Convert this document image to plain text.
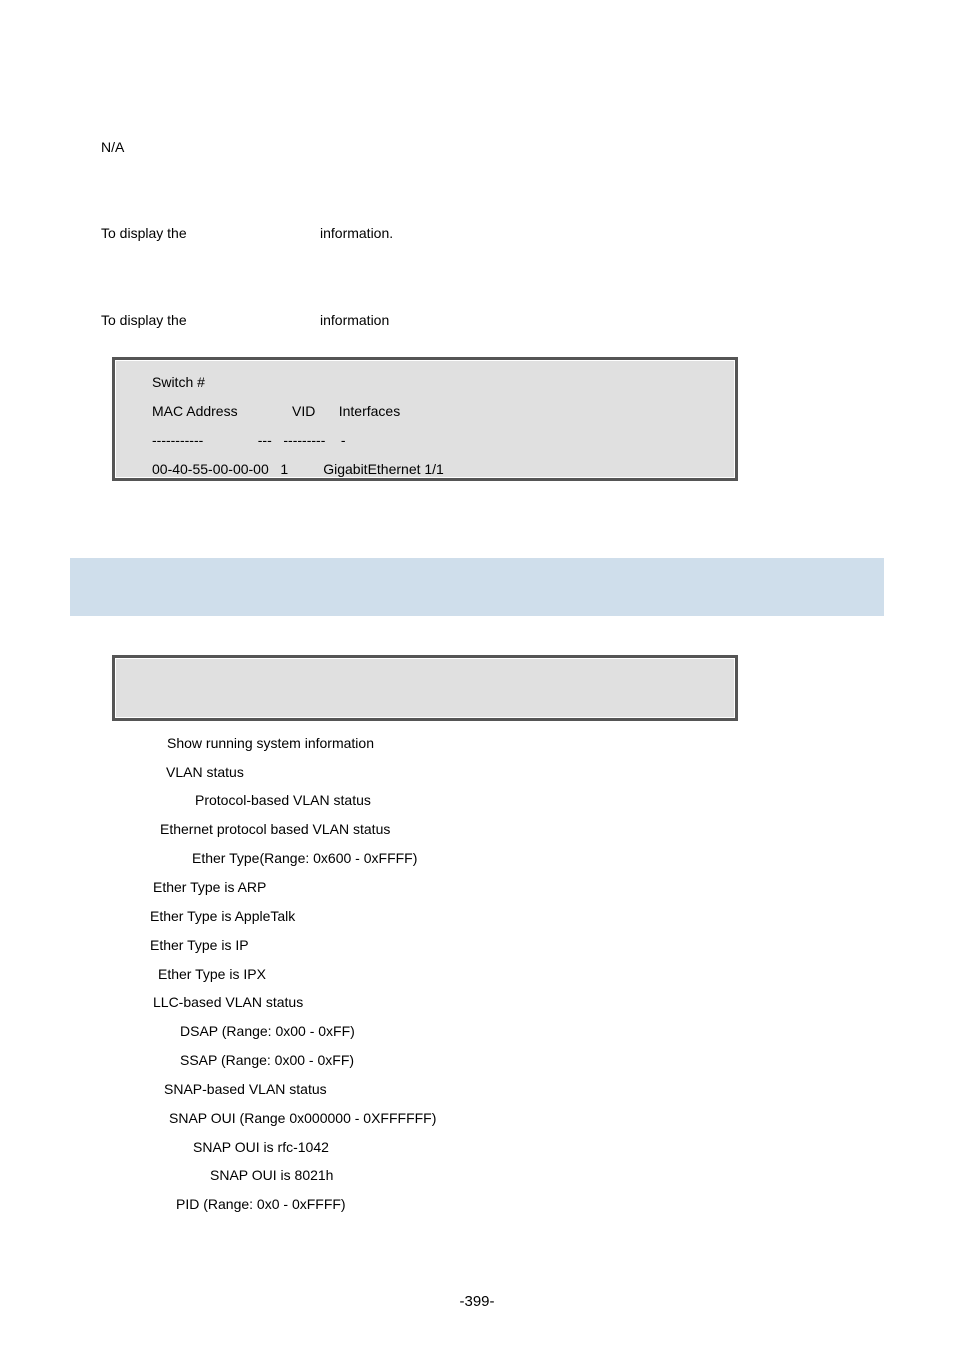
N/A
To display the	information.
To display the	information
Switch #
MAC Address              VID      Interfaces
-----------              ---   ---------    -
00-40-55-00-00-00   1         GigabitEthernet 1/1
Show running system information
VLAN status
Protocol-based VLAN status
Ethernet protocol based VLAN status
Ether Type(Range: 0x600 - 0xFFFF)
Ether Type is ARP
Ether Type is AppleTalk
Ether Type is IP
Ether Type is IPX
LLC-based VLAN status
DSAP (Range: 0x00 - 0xFF)
SSAP (Range: 0x00 - 0xFF)
SNAP-based VLAN status
SNAP OUI (Range 0x000000 - 0XFFFFFF)
SNAP OUI is rfc-1042
SNAP OUI is 8021h
PID (Range: 0x0 - 0xFFFF)
-399-
